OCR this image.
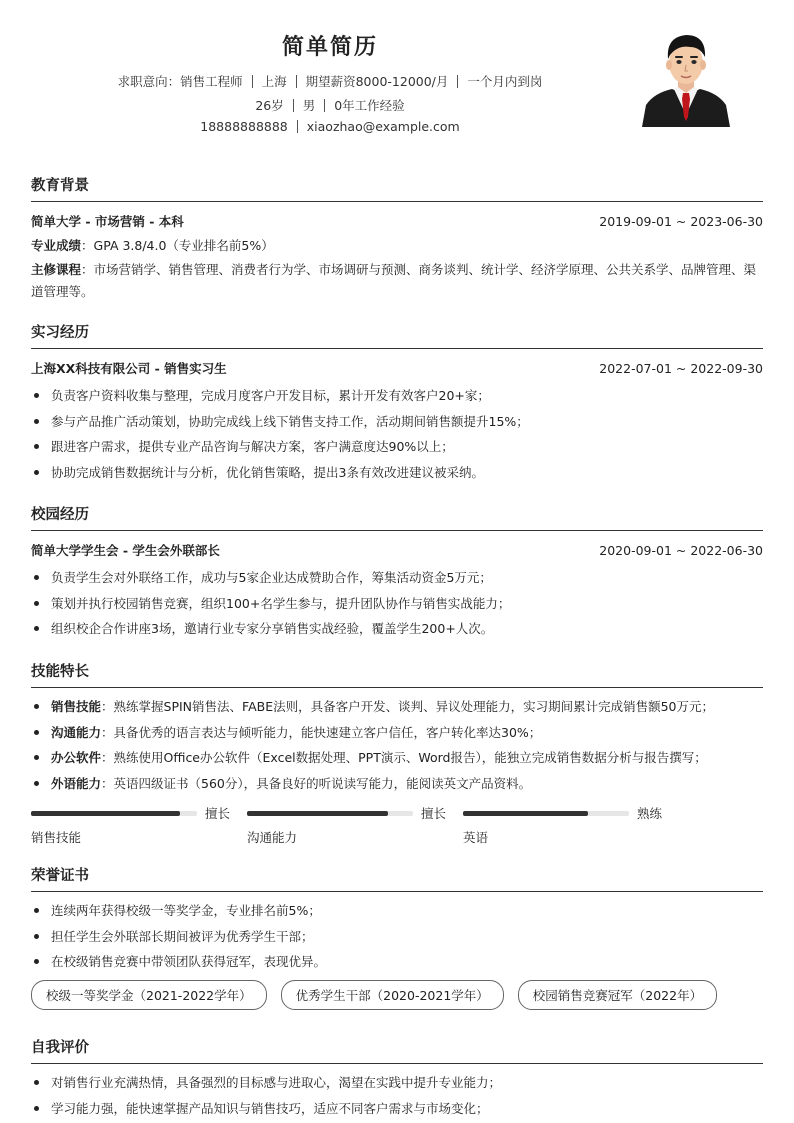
简单简历
求职意向：销售工程师 上海 期望薪资8000-12000/月 一个月内到岗
26岁 男 0年工作经验
18888888888 xiaozhao@example.com
教育背景
简单大学 - 市场营销 - 本科	2019-09-01 ~ 2023-06-30

专业成绩：GPA 3.8/4.0（专业排名前5%）

主修课程：市场营销学、销售管理、消费者行为学、市场调研与预测、商务谈判、统计学、经济学原理、公共关系学、品牌管理、渠道管理等。

实习经历
上海XX科技有限公司 - 销售实习生	2022-07-01 ~ 2022-09-30
负责客户资料收集与整理，完成月度客户开发目标，累计开发有效客户20+家；
参与产品推广活动策划，协助完成线上线下销售支持工作，活动期间销售额提升15%；
跟进客户需求，提供专业产品咨询与解决方案，客户满意度达90%以上；
协助完成销售数据统计与分析，优化销售策略，提出3条有效改进建议被采纳。
校园经历
简单大学学生会 - 学生会外联部长	2020-09-01 ~ 2022-06-30
负责学生会对外联络工作，成功与5家企业达成赞助合作，筹集活动资金5万元；
策划并执行校园销售竞赛，组织100+名学生参与，提升团队协作与销售实战能力；
组织校企合作讲座3场，邀请行业专家分享销售实战经验，覆盖学生200+人次。
技能特长
销售技能：熟练掌握SPIN销售法、FABE法则，具备客户开发、谈判、异议处理能力，实习期间累计完成销售额50万元；
沟通能力：具备优秀的语言表达与倾听能力，能快速建立客户信任，客户转化率达30%；
办公软件：熟练使用Office办公软件（Excel数据处理、PPT演示、Word报告），能独立完成销售数据分析与报告撰写；
外语能力：英语四级证书（560分），具备良好的听说读写能力，能阅读英文产品资料。
擅长
销售技能
擅长
沟通能力
熟练
英语
荣誉证书
连续两年获得校级一等奖学金，专业排名前5%；
担任学生会外联部长期间被评为优秀学生干部；
在校级销售竞赛中带领团队获得冠军，表现优异。
校级一等奖学金（2021-2022学年）	优秀学生干部（2020-2021学年）	校园销售竞赛冠军（2022年）
自我评价
对销售行业充满热情，具备强烈的目标感与进取心，渴望在实践中提升专业能力；
学习能力强，能快速掌握产品知识与销售技巧，适应不同客户需求与市场变化；
